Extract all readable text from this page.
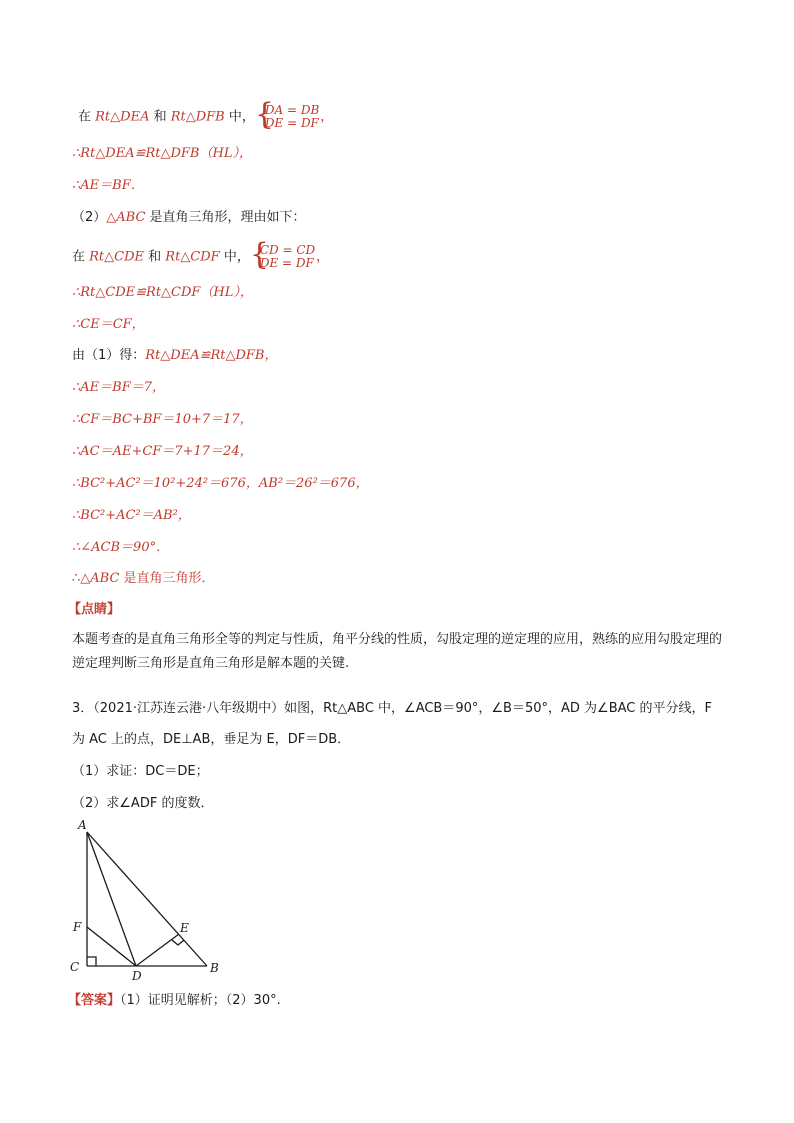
在 Rt△DEA 和 Rt△DFB 中， {
DA = DB
DE = DF ，
∴Rt△DEA≌Rt△DFB（HL），
∴AE＝BF．
（2）△ABC 是直角三角形，理由如下：
在 Rt△CDE 和 Rt△CDF 中， {
CD = CD
DE = DF ，
∴Rt△CDE≌Rt△CDF（HL），
∴CE＝CF，
由（1）得：Rt△DEA≌Rt△DFB，
∴AE＝BF＝7，
∴CF＝BC+BF＝10+7＝17，
∴AC＝AE+CF＝7+17＝24，
∴BC²+AC²＝10²+24²＝676，AB²＝26²＝676，
∴BC²+AC²＝AB²，
∴∠ACB＝90°．
∴△ABC 是直角三角形．
【点睛】
本题考查的是直角三角形全等的判定与性质，角平分线的性质，勾股定理的逆定理的应用，熟练的应用勾股定理的逆定理判断三角形是直角三角形是解本题的关键.
3．（2021·江苏连云港·八年级期中）如图，Rt△ABC 中，∠ACB＝90°，∠B＝50°，AD 为∠BAC 的平分线，F 为 AC 上的点，DE⊥AB，垂足为 E，DF＝DB．
（1）求证：DC＝DE；
（2）求∠ADF 的度数．
A
F
C
D
E
B
【答案】（1）证明见解析；（2）30°.
